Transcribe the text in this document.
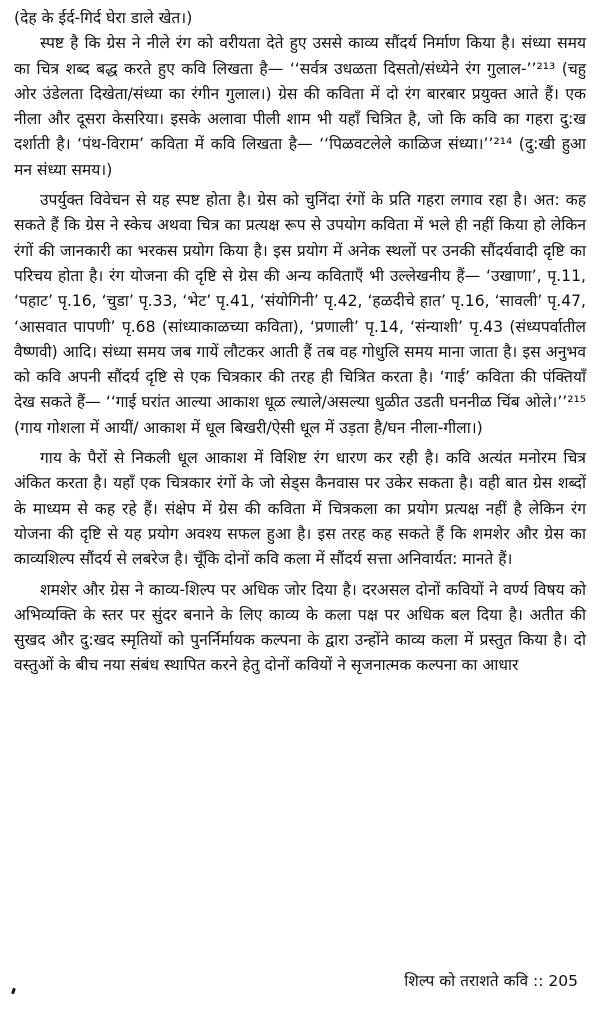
(देह के ईर्द-गिर्द घेरा डाले खेत।)

स्पष्ट है कि ग्रेस ने नीले रंग को वरीयता देते हुए उससे काव्य सौंदर्य निर्माण किया है। संध्या समय का चित्र शब्द बद्ध करते हुए कवि लिखता है— ‘‘सर्वत्र उधळता दिसतो/संध्येने रंग गुलाल-’’²¹³ (चहु ओर उंडेलता दिखेता/संध्या का रंगीन गुलाल।) ग्रेस की कविता में दो रंग बारबार प्रयुक्त आते हैं। एक नीला और दूसरा केसरिया। इसके अलावा पीली शाम भी यहाँ चित्रित है, जो कि कवि का गहरा दु:ख दर्शाती है। ‘पंथ-विराम’ कविता में कवि लिखता है— ‘‘पिळवटलेले काळिज संध्या।’’²¹⁴ (दु:खी हुआ मन संध्या समय।)

उपर्युक्त विवेचन से यह स्पष्ट होता है। ग्रेस को चुनिंदा रंगों के प्रति गहरा लगाव रहा है। अत: कह सकते हैं कि ग्रेस ने स्केच अथवा चित्र का प्रत्यक्ष रूप से उपयोग कविता में भले ही नहीं किया हो लेकिन रंगों की जानकारी का भरकस प्रयोग किया है। इस प्रयोग में अनेक स्थलों पर उनकी सौंदर्यवादी दृष्टि का परिचय होता है। रंग योजना की दृष्टि से ग्रेस की अन्य कविताएँ भी उल्लेखनीय हैं— ‘उखाणा’, पृ.11, ‘पहाट’ पृ.16, ‘चुडा’ पृ.33, ‘भेट’ पृ.41, ‘संयोगिनी’ पृ.42, ‘हळदीचे हात’ पृ.16, ‘सावली’ पृ.47, ‘आसवात पापणी’ पृ.68 (सांध्याकाळच्या कविता), ‘प्रणाली’ पृ.14, ‘संन्याशी’ पृ.43 (संध्यपर्वातील वैष्णवी) आदि। संध्या समय जब गायें लौटकर आती हैं तब वह गोधुलि समय माना जाता है। इस अनुभव को कवि अपनी सौंदर्य दृष्टि से एक चित्रकार की तरह ही चित्रित करता है। ‘गाई’ कविता की पंक्तियाँ देख सकते हैं— ‘‘गाई घरांत आल्या आकाश धूळ ल्याले/असल्या धुळीत उडती घननीळ चिंब ओले।’’²¹⁵ (गाय गोशला में आयीं/ आकाश में धूल बिखरी/ऐसी धूल में उड़ता है/घन नीला-गीला।)

गाय के पैरों से निकली धूल आकाश में विशिष्ट रंग धारण कर रही है। कवि अत्यंत मनोरम चित्र अंकित करता है। यहाँ एक चित्रकार रंगों के जो सेड्स कैनवास पर उकेर सकता है। वही बात ग्रेस शब्दों के माध्यम से कह रहे हैं। संक्षेप में ग्रेस की कविता में चित्रकला का प्रयोग प्रत्यक्ष नहीं है लेकिन रंग योजना की दृष्टि से यह प्रयोग अवश्य सफल हुआ है। इस तरह कह सकते हैं कि शमशेर और ग्रेस का काव्यशिल्प सौंदर्य से लबरेज है। चूँकि दोनों कवि कला में सौंदर्य सत्ता अनिवार्यत: मानते हैं।

शमशेर और ग्रेस ने काव्य-शिल्प पर अधिक जोर दिया है। दरअसल दोनों कवियों ने वर्ण्य विषय को अभिव्यक्ति के स्तर पर सुंदर बनाने के लिए काव्य के कला पक्ष पर अधिक बल दिया है। अतीत की सुखद और दु:खद स्मृतियों को पुनर्निर्मायक कल्पना के द्वारा उन्होंने काव्य कला में प्रस्तुत किया है। दो वस्तुओं के बीच नया संबंध स्थापित करने हेतु दोनों कवियों ने सृजनात्मक कल्पना का आधार

शिल्प को तराशते कवि :: 205
